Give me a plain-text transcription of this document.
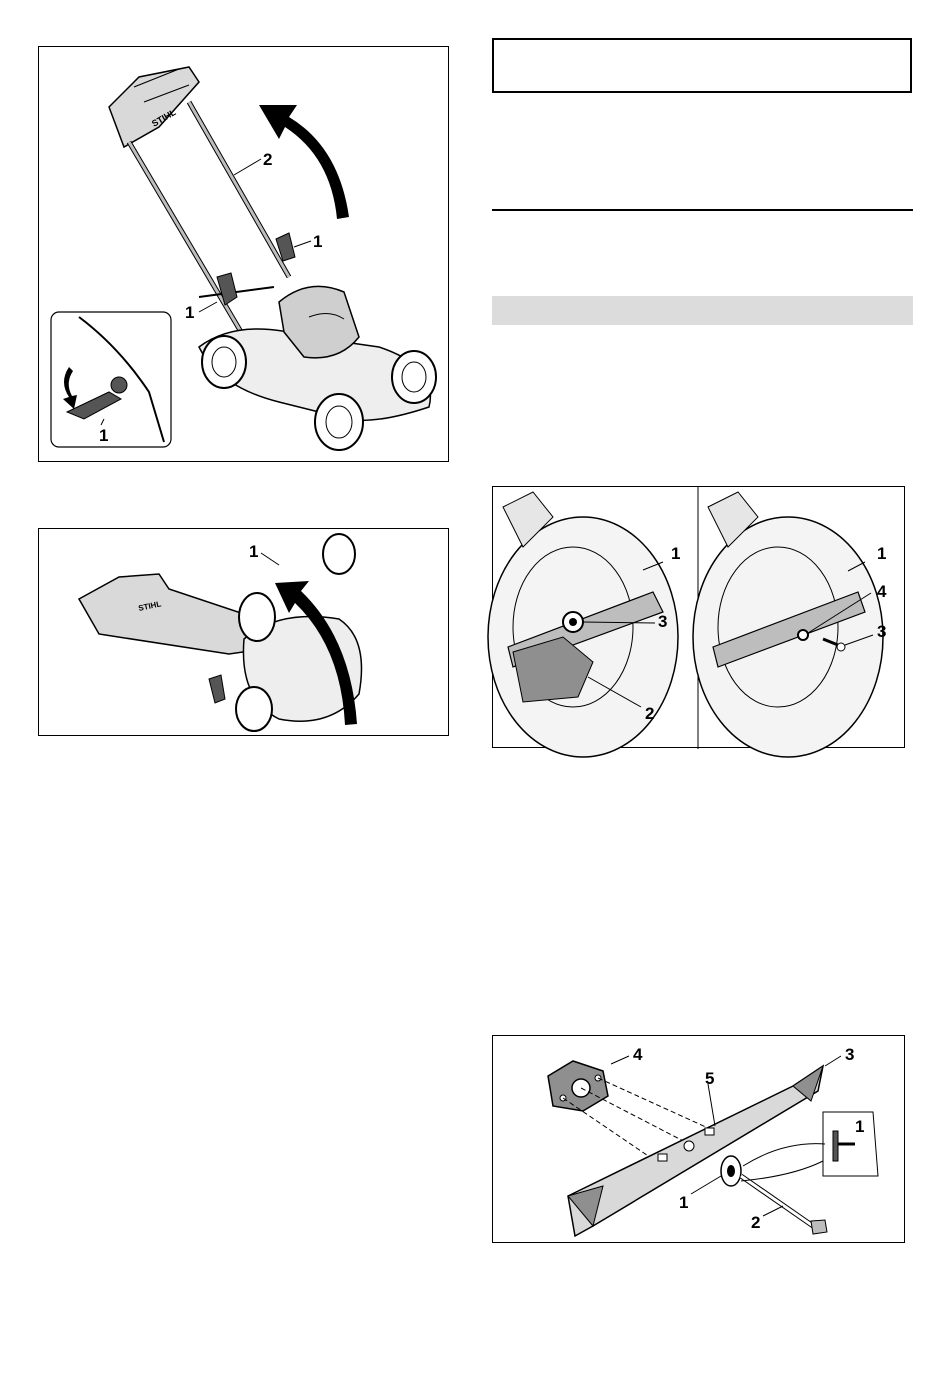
STIHL
2
1
1
1
STIHL
1	1
3
2
1
4
3
4
5
3
1
1
2
